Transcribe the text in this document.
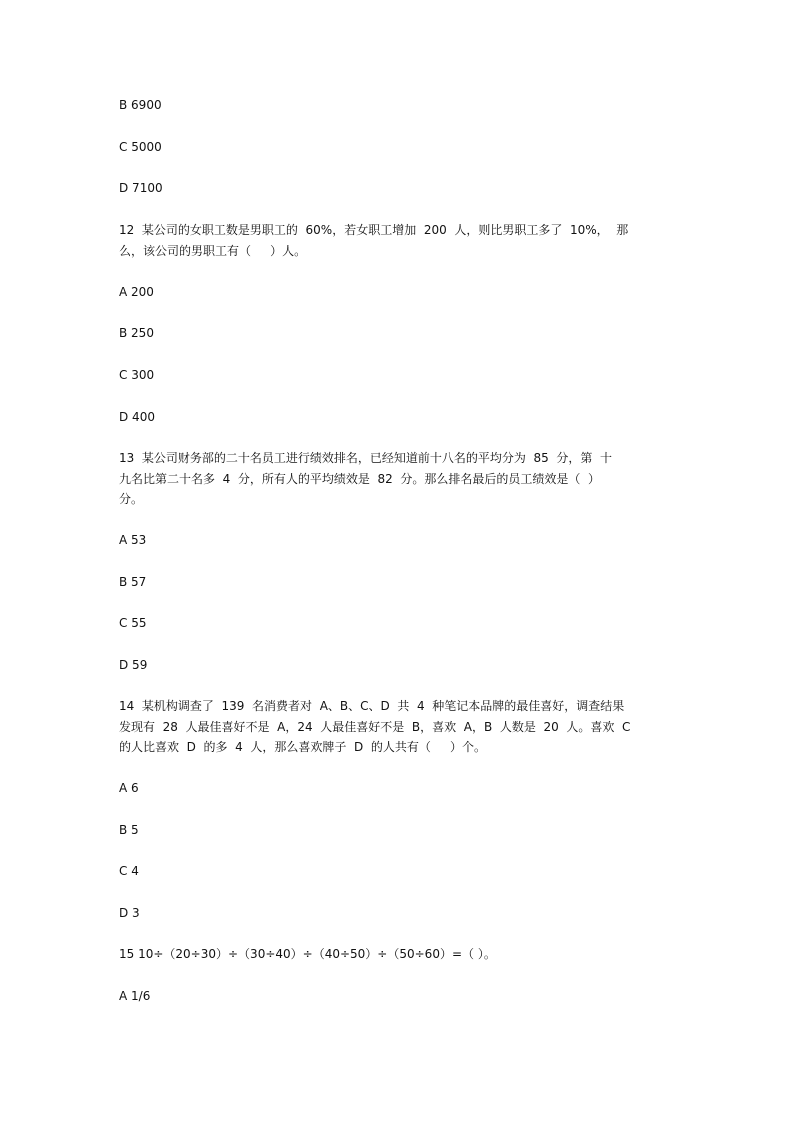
B 6900

C 5000

D 7100

12  某公司的女职工数是男职工的  60%，若女职工增加  200  人，则比男职工多了  10%，  那

么，该公司的男职工有（     ）人。

A 200

B 250

C 300

D 400

13  某公司财务部的二十名员工进行绩效排名，已经知道前十八名的平均分为  85  分，第  十

九名比第二十名多  4  分，所有人的平均绩效是  82  分。那么排名最后的员工绩效是（  ）

分。

A 53

B 57

C 55

D 59

14  某机构调查了  139  名消费者对  A、B、C、D  共  4  种笔记本品牌的最佳喜好，调查结果

发现有  28  人最佳喜好不是  A，24  人最佳喜好不是  B，喜欢  A，B  人数是  20  人。喜欢  C

的人比喜欢  D  的多  4  人，那么喜欢牌子  D  的人共有（     ）个。

A 6

B 5

C 4

D 3

15 10÷（20÷30）÷（30÷40）÷（40÷50）÷（50÷60）=（ ）。

A 1/6
